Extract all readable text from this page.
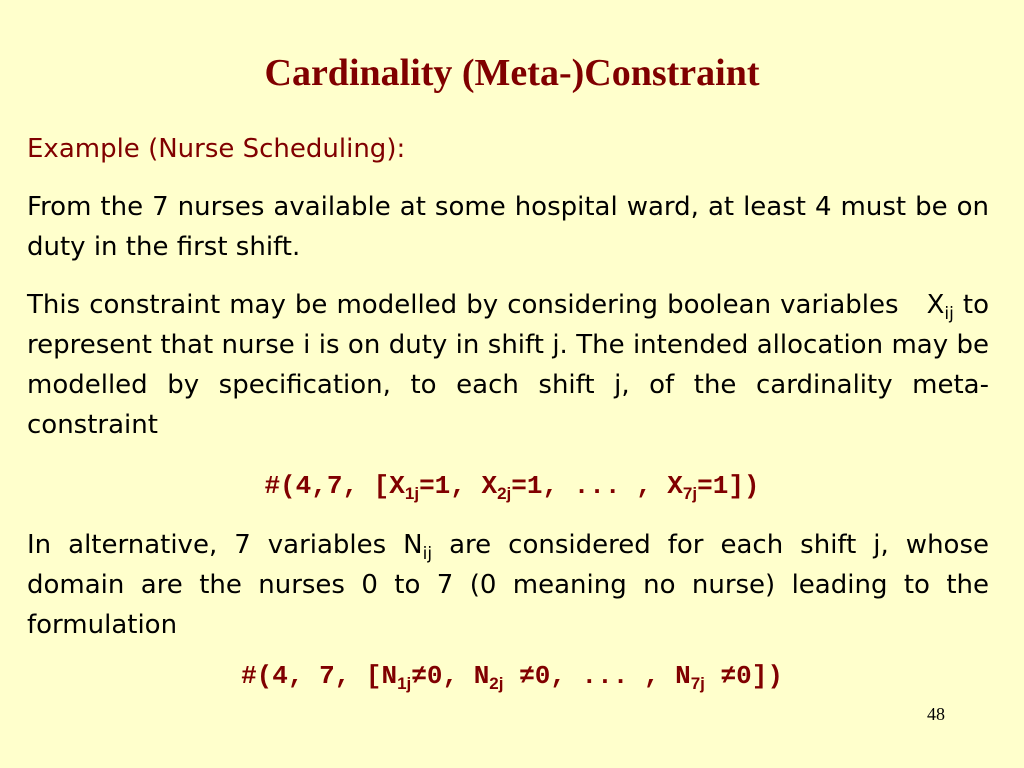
Cardinality (Meta-)Constraint
Example (Nurse Scheduling):
From the 7 nurses available at some hospital ward, at least 4 must be on duty in the first shift.
This constraint may be modelled by considering boolean variables $X_{ij}$ to represent that nurse i is on duty in shift j. The intended allocation may be modelled by specification, to each shift j, of the cardinality meta-constraint
#(4,7, [$X_{1j}=1$, $X_{2j}=1$, ... , $X_{7j}=1$])
In alternative, 7 variables $N_{ij}$ are considered for each shift j, whose domain are the nurses 0 to 7 (0 meaning no nurse) leading to the formulation
#(4, 7, [$N_{1j}\ne 0$, $N_{2j} \ne 0$, ... , $N_{7j} \ne 0$])
48
